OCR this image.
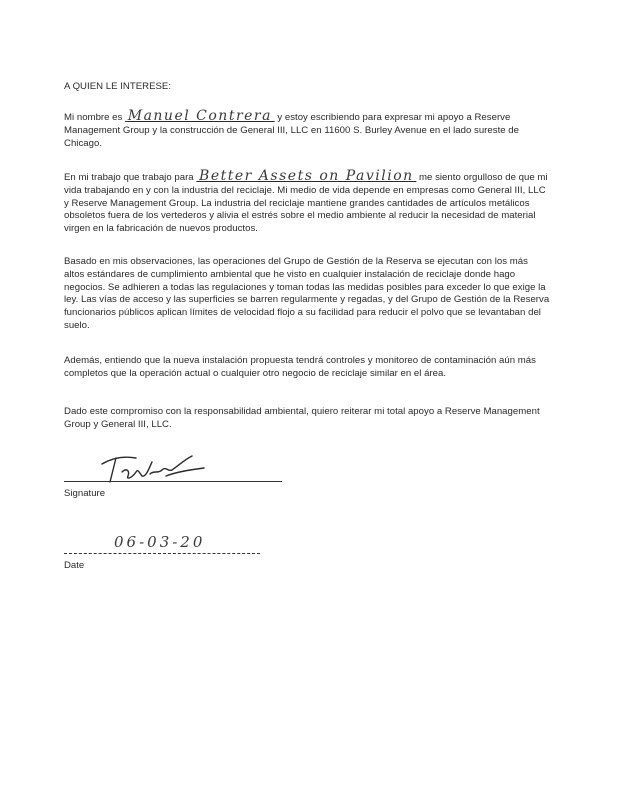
A QUIEN LE INTERESE:

Mi nombre es Manuel Contrera y estoy escribiendo para expresar mi apoyo a Reserve Management Group y la construcción de General III, LLC en 11600 S. Burley Avenue en el lado sureste de Chicago.

En mi trabajo que trabajo para Better Assets on Pavilion me siento orgulloso de que mi vida trabajando en y con la industria del reciclaje. Mi medio de vida depende en empresas como General III, LLC y Reserve Management Group. La industria del reciclaje mantiene grandes cantidades de artículos metálicos obsoletos fuera de los vertederos y alivia el estrés sobre el medio ambiente al reducir la necesidad de material virgen en la fabricación de nuevos productos.

Basado en mis observaciones, las operaciones del Grupo de Gestión de la Reserva se ejecutan con los más altos estándares de cumplimiento ambiental que he visto en cualquier instalación de reciclaje donde hago negocios. Se adhieren a todas las regulaciones y toman todas las medidas posibles para exceder lo que exige la ley. Las vías de acceso y las superficies se barren regularmente y regadas, y del Grupo de Gestión de la Reserva funcionarios públicos aplican límites de velocidad flojo a su facilidad para reducir el polvo que se levantaban del suelo.

Además, entiendo que la nueva instalación propuesta tendrá controles y monitoreo de contaminación aún más completos que la operación actual o cualquier otro negocio de reciclaje similar en el área.

Dado este compromiso con la responsabilidad ambiental, quiero reiterar mi total apoyo a Reserve Management Group y General III, LLC.

Signature
06-03-20
Date
